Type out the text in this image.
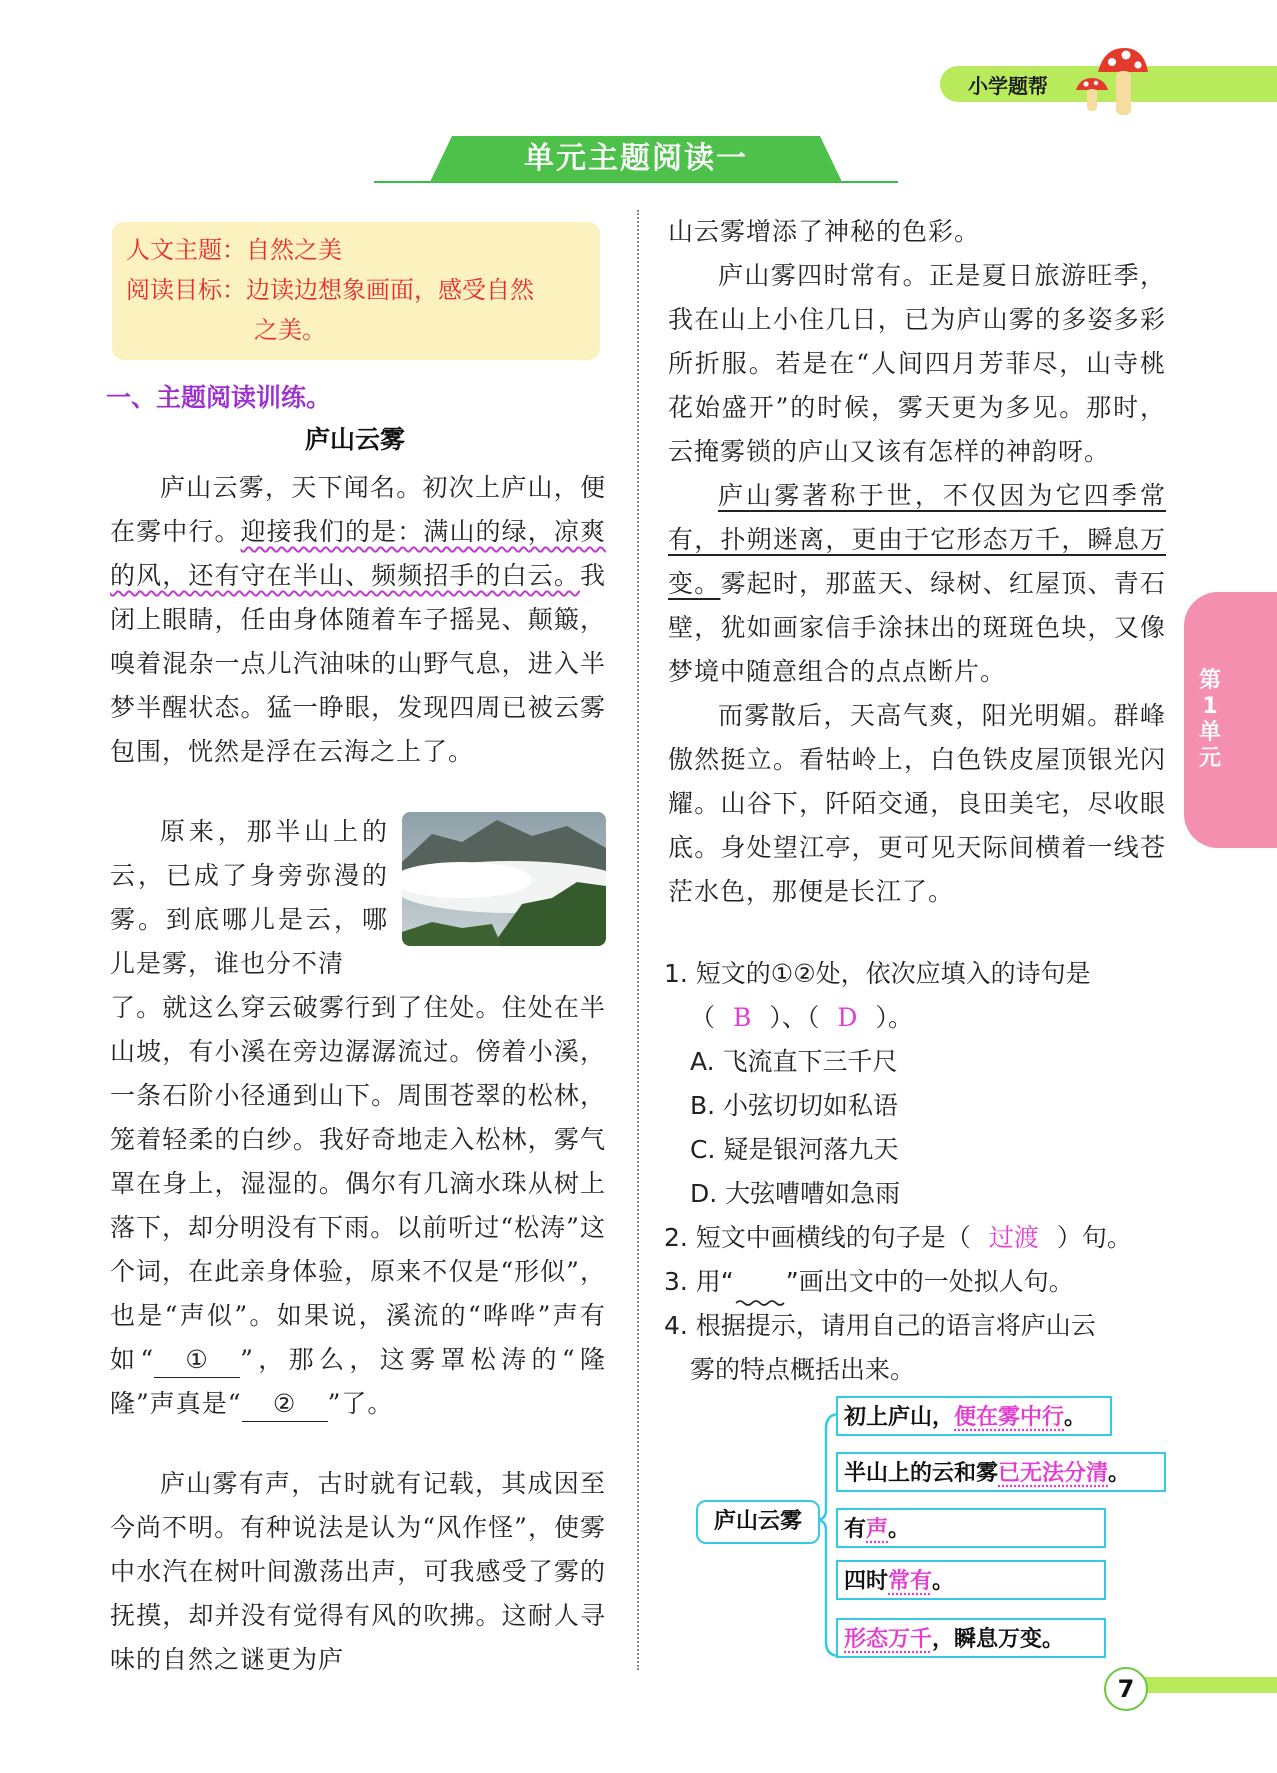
小学题帮
单元主题阅读一
人文主题：自然之美
阅读目标：边读边想象画面，感受自然
之美。
一、主题阅读训练。
庐山云雾

庐山云雾，天下闻名。初次上庐山，便在雾中行。迎接我们的是：满山的绿，凉爽的风，还有守在半山、频频招手的白云。我闭上眼睛，任由身体随着车子摇晃、颠簸，嗅着混杂一点儿汽油味的山野气息，进入半梦半醒状态。猛一睁眼，发现四周已被云雾包围，恍然是浮在云海之上了。

原来，那半山上的云，已成了身旁弥漫的雾。到底哪儿是云，哪儿是雾，谁也分不清

了。就这么穿云破雾行到了住处。住处在半山坡，有小溪在旁边潺潺流过。傍着小溪，一条石阶小径通到山下。周围苍翠的松林，笼着轻柔的白纱。我好奇地走入松林，雾气罩在身上，湿湿的。偶尔有几滴水珠从树上落下，却分明没有下雨。以前听过“松涛”这个词，在此亲身体验，原来不仅是“形似”，也是“声似”。如果说，溪流的“哗哗”声有如“ ① ”，那么，这雾罩松涛的“隆隆”声真是“ ② ”了。

庐山雾有声，古时就有记载，其成因至今尚不明。有种说法是认为“风作怪”，使雾中水汽在树叶间激荡出声，可我感受了雾的抚摸，却并没有觉得有风的吹拂。这耐人寻味的自然之谜更为庐

山云雾增添了神秘的色彩。

庐山雾四时常有。正是夏日旅游旺季，我在山上小住几日，已为庐山雾的多姿多彩所折服。若是在“人间四月芳菲尽，山寺桃花始盛开”的时候，雾天更为多见。那时，云掩雾锁的庐山又该有怎样的神韵呀。

庐山雾著称于世，不仅因为它四季常有，扑朔迷离，更由于它形态万千，瞬息万变。雾起时，那蓝天、绿树、红屋顶、青石壁，犹如画家信手涂抹出的斑斑色块，又像梦境中随意组合的点点断片。

而雾散后，天高气爽，阳光明媚。群峰傲然挺立。看牯岭上，白色铁皮屋顶银光闪耀。山谷下，阡陌交通，良田美宅，尽收眼底。身处望江亭，更可见天际间横着一线苍茫水色，那便是长江了。

1. 短文的①②处，依次应填入的诗句是
（ B ）、（ D ）。
A. 飞流直下三千尺
B. 小弦切切如私语
C. 疑是银河落九天
D. 大弦嘈嘈如急雨
2. 短文中画横线的句子是（ 过渡 ）句。
3. 用“ ”画出文中的一处拟人句。
4. 根据提示，请用自己的语言将庐山云
雾的特点概括出来。
庐山云雾
初上庐山，便在雾中行。
半山上的云和雾已无法分清。
有声。
四时常有。
形态万千，瞬息万变。
第
1
单
元
7
